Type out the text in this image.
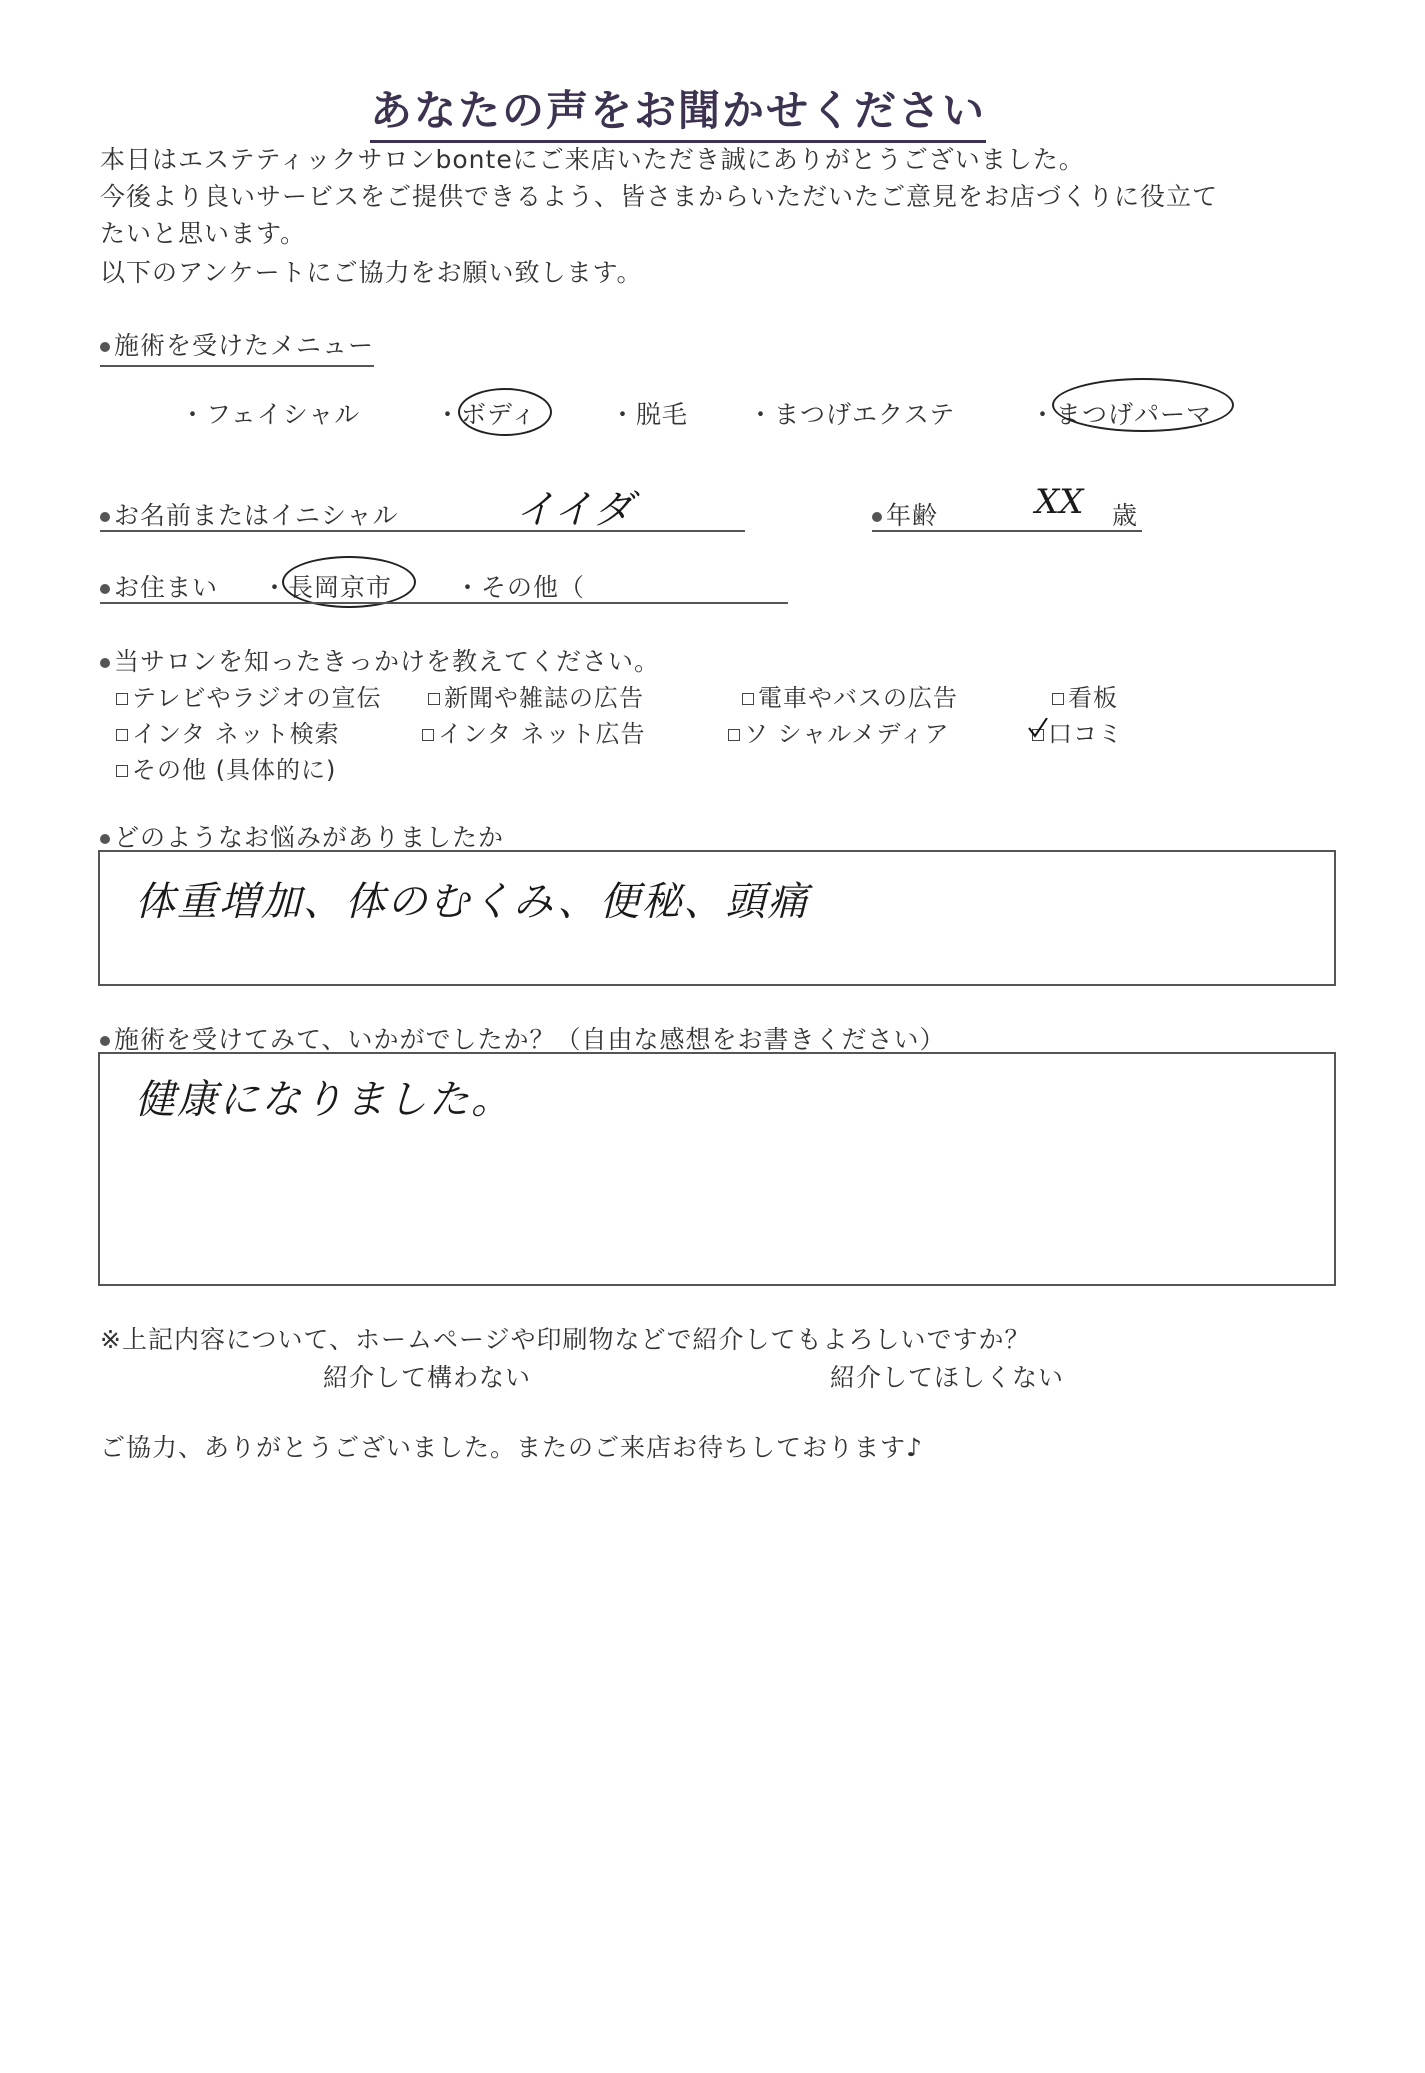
あなたの声をお聞かせください
本日はエステティックサロンbonteにご来店いただき誠にありがとうございました。
今後より良いサービスをご提供できるよう、皆さまからいただいたご意見をお店づくりに役立て
たいと思います。
以下のアンケートにご協力をお願い致します。
施術を受けたメニュー
・フェイシャル	・ボディ	・脱毛 ・まつげエクステ	・まつげパーマ
お名前またはイニシャル	イイダ	年齢	XX 歳
お住まい ・長岡京市	・その他（
当サロンを知ったきっかけを教えてください。
テレビやラジオの宣伝	新聞や雑誌の広告	電車やバスの広告	看板
インタ ネット検索	インタ ネット広告	ソ シャルメディア	口コミ
その他 (具体的に)
どのようなお悩みがありましたか
体重増加、体のむくみ、便秘、頭痛
施術を受けてみて、いかがでしたか？（自由な感想をお書きください）
健康になりました。
※上記内容について、ホームページや印刷物などで紹介してもよろしいですか？
紹介して構わない	紹介してほしくない
ご協力、ありがとうございました。またのご来店お待ちしております♪
